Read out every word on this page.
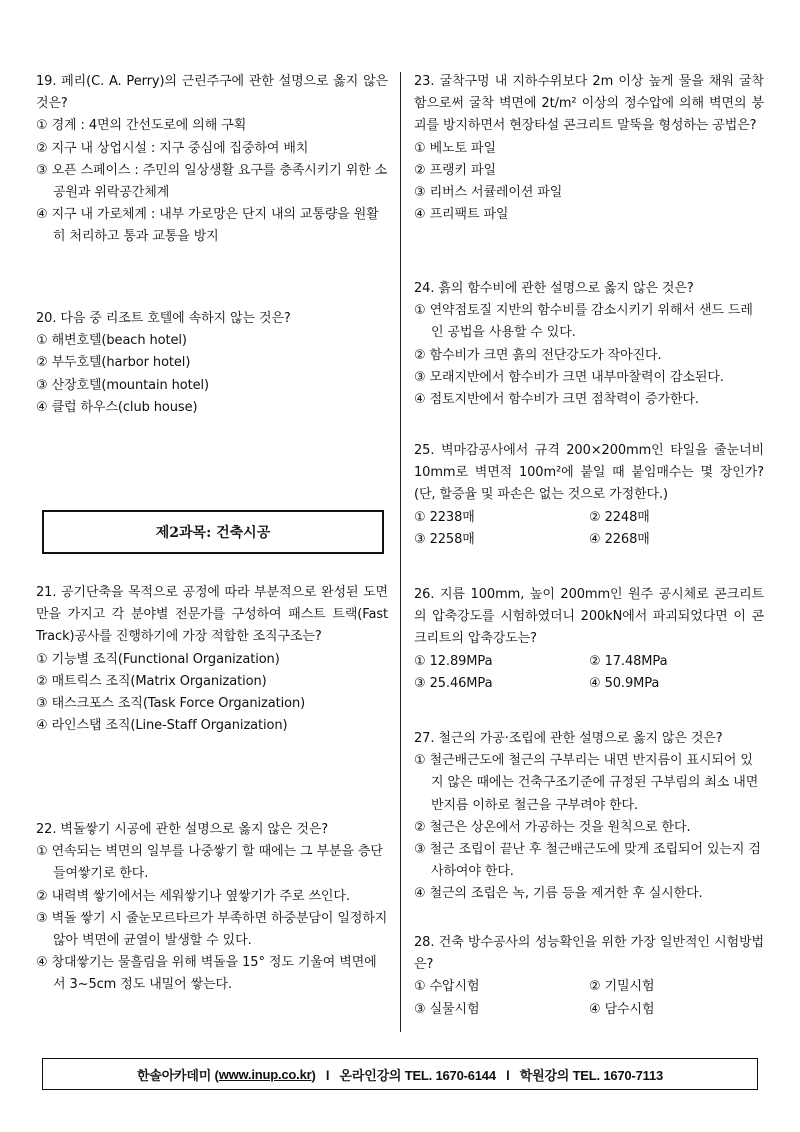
19. 페리(C. A. Perry)의 근린주구에 관한 설명으로 옳지 않은 것은?
① 경계 : 4면의 간선도로에 의해 구획
② 지구 내 상업시설 : 지구 중심에 집중하여 배치
③ 오픈 스페이스 : 주민의 일상생활 요구를 충족시키기 위한 소공원과 위락공간체계
④ 지구 내 가로체계 : 내부 가로망은 단지 내의 교통량을 원활히 처리하고 통과 교통을 방지
20. 다음 중 리조트 호텔에 속하지 않는 것은?
① 해변호텔(beach hotel)
② 부두호텔(harbor hotel)
③ 산장호텔(mountain hotel)
④ 클럽 하우스(club house)
21. 공기단축을 목적으로 공정에 따라 부분적으로 완성된 도면만을 가지고 각 분야별 전문가를 구성하여 패스트 트랙(Fast Track)공사를 진행하기에 가장 적합한 조직구조는?
① 기능별 조직(Functional Organization)
② 매트릭스 조직(Matrix Organization)
③ 태스크포스 조직(Task Force Organization)
④ 라인스탭 조직(Line-Staff Organization)
22. 벽돌쌓기 시공에 관한 설명으로 옳지 않은 것은?
① 연속되는 벽면의 일부를 나중쌓기 할 때에는 그 부분을 층단 들여쌓기로 한다.
② 내력벽 쌓기에서는 세워쌓기나 옆쌓기가 주로 쓰인다.
③ 벽돌 쌓기 시 줄눈모르타르가 부족하면 하중분담이 일정하지 않아 벽면에 균열이 발생할 수 있다.
④ 창대쌓기는 물흘림을 위해 벽돌을 15° 정도 기울여 벽면에서 3~5cm 정도 내밀어 쌓는다.
제2과목: 건축시공
23. 굴착구멍 내 지하수위보다 2m 이상 높게 물을 채워 굴착함으로써 굴착 벽면에 2t/m² 이상의 정수압에 의해 벽면의 붕괴를 방지하면서 현장타설 콘크리트 말뚝을 형성하는 공법은?
① 베노토 파일
② 프랭키 파일
③ 리버스 서큘레이션 파일
④ 프리팩트 파일
24. 흙의 함수비에 관한 설명으로 옳지 않은 것은?
① 연약점토질 지반의 함수비를 감소시키기 위해서 샌드 드레인 공법을 사용할 수 있다.
② 함수비가 크면 흙의 전단강도가 작아진다.
③ 모래지반에서 함수비가 크면 내부마찰력이 감소된다.
④ 점토지반에서 함수비가 크면 점착력이 증가한다.
25. 벽마감공사에서 규격 200×200mm인 타일을 줄눈너비 10mm로 벽면적 100m²에 붙일 때 붙임매수는 몇 장인가? (단, 할증율 및 파손은 없는 것으로 가정한다.)
① 2238매	② 2248매
③ 2258매	④ 2268매
26. 지름 100mm, 높이 200mm인 원주 공시체로 콘크리트의 압축강도를 시험하였더니 200kN에서 파괴되었다면 이 콘크리트의 압축강도는?
① 12.89MPa	② 17.48MPa
③ 25.46MPa	④ 50.9MPa
27. 철근의 가공·조립에 관한 설명으로 옳지 않은 것은?
① 철근배근도에 철근의 구부리는 내면 반지름이 표시되어 있지 않은 때에는 건축구조기준에 규정된 구부림의 최소 내면 반지름 이하로 철근을 구부려야 한다.
② 철근은 상온에서 가공하는 것을 원칙으로 한다.
③ 철근 조립이 끝난 후 철근배근도에 맞게 조립되어 있는지 검사하여야 한다.
④ 철근의 조립은 녹, 기름 등을 제거한 후 실시한다.
28. 건축 방수공사의 성능확인을 위한 가장 일반적인 시험방법은?
① 수압시험	② 기밀시험
③ 실물시험	④ 담수시험
한솔아카데미 ( www.inup.co.kr )   l   온라인강의 TEL. 1670-6144   l   학원강의 TEL. 1670-7113
